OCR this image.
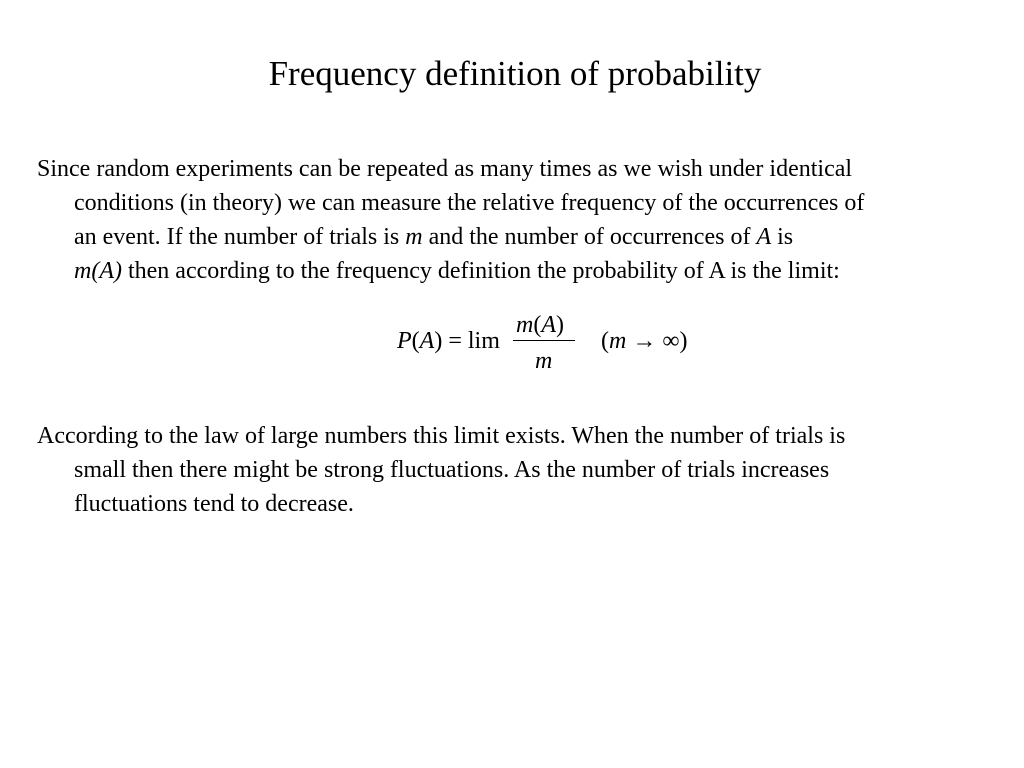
Frequency definition of probability
Since random experiments can be repeated as many times as we wish under identical
conditions (in theory) we can measure the relative frequency of the occurrences of
an event. If the number of trials is m and the number of occurrences of A is
m(A) then according to the frequency definition the probability of A is the limit:
P(A) = lim
m(A)
m
(m → ∞)
According to the law of large numbers this limit exists. When the number of trials is
small then there might be strong fluctuations. As the number of trials increases
fluctuations tend to decrease.
